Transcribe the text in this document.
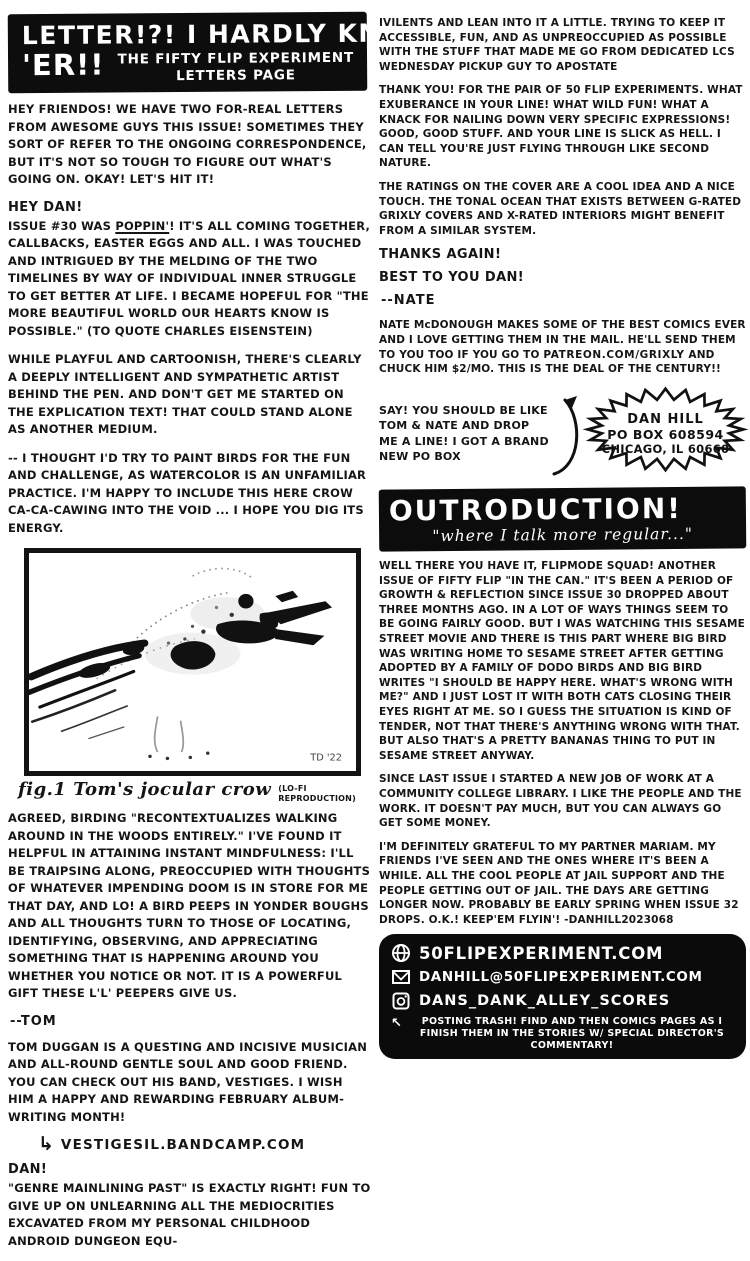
LETTER!?! I HARDLY KNEW
'ER!! THE FIFTY FLIP EXPERIMENT
LETTERS PAGE

HEY FRIENDOS! WE HAVE TWO FOR-REAL LETTERS FROM AWESOME GUYS THIS ISSUE! SOMETIMES THEY SORT OF REFER TO THE ONGOING CORRESPONDENCE, BUT IT'S NOT SO TOUGH TO FIGURE OUT WHAT'S GOING ON. OKAY! LET'S HIT IT!

HEY DAN!

ISSUE #30 WAS POPPIN'! IT'S ALL COMING TOGETHER, CALLBACKS, EASTER EGGS AND ALL. I WAS TOUCHED AND INTRIGUED BY THE MELDING OF THE TWO TIMELINES BY WAY OF INDIVIDUAL INNER STRUGGLE TO GET BETTER AT LIFE. I BECAME HOPEFUL FOR "THE MORE BEAUTIFUL WORLD OUR HEARTS KNOW IS POSSIBLE." (TO QUOTE CHARLES EISENSTEIN)

WHILE PLAYFUL AND CARTOONISH, THERE'S CLEARLY A DEEPLY INTELLIGENT AND SYMPATHETIC ARTIST BEHIND THE PEN. AND DON'T GET ME STARTED ON THE EXPLICATION TEXT! THAT COULD STAND ALONE AS ANOTHER MEDIUM.

-- I THOUGHT I'D TRY TO PAINT BIRDS FOR THE FUN AND CHALLENGE, AS WATERCOLOR IS AN UNFAMILIAR PRACTICE. I'M HAPPY TO INCLUDE THIS HERE CROW CA-CA-CAWING INTO THE VOID ... I HOPE YOU DIG ITS ENERGY.

TD '22
fig.1 Tom's jocular crow (LO-FI REPRODUCTION)

AGREED, BIRDING "RECONTEXTUALIZES WALKING AROUND IN THE WOODS ENTIRELY." I'VE FOUND IT HELPFUL IN ATTAINING INSTANT MINDFULNESS: I'LL BE TRAIPSING ALONG, PREOCCUPIED WITH THOUGHTS OF WHATEVER IMPENDING DOOM IS IN STORE FOR ME THAT DAY, AND LO! A BIRD PEEPS IN YONDER BOUGHS AND ALL THOUGHTS TURN TO THOSE OF LOCATING, IDENTIFYING, OBSERVING, AND APPRECIATING SOMETHING THAT IS HAPPENING AROUND YOU WHETHER YOU NOTICE OR NOT. IT IS A POWERFUL GIFT THESE L'L' PEEPERS GIVE US.

--TOM

TOM DUGGAN IS A QUESTING AND INCISIVE MUSICIAN AND ALL-ROUND GENTLE SOUL AND GOOD FRIEND. YOU CAN CHECK OUT HIS BAND, VESTIGES. I WISH HIM A HAPPY AND REWARDING FEBRUARY ALBUM-WRITING MONTH!

↳ VESTIGESIL.BANDCAMP.COM
DAN!

"GENRE MAINLINING PAST" IS EXACTLY RIGHT! FUN TO GIVE UP ON UNLEARNING ALL THE MEDIOCRITIES EXCAVATED FROM MY PERSONAL CHILDHOOD ANDROID DUNGEON EQU-

IVILENTS AND LEAN INTO IT A LITTLE. TRYING TO KEEP IT ACCESSIBLE, FUN, AND AS UNPREOCCUPIED AS POSSIBLE WITH THE STUFF THAT MADE ME GO FROM DEDICATED LCS WEDNESDAY PICKUP GUY TO APOSTATE

THANK YOU! FOR THE PAIR OF 50 FLIP EXPERIMENTS. WHAT EXUBERANCE IN YOUR LINE! WHAT WILD FUN! WHAT A KNACK FOR NAILING DOWN VERY SPECIFIC EXPRESSIONS! GOOD, GOOD STUFF. AND YOUR LINE IS SLICK AS HELL. I CAN TELL YOU'RE JUST FLYING THROUGH LIKE SECOND NATURE.

THE RATINGS ON THE COVER ARE A COOL IDEA AND A NICE TOUCH. THE TONAL OCEAN THAT EXISTS BETWEEN G-RATED GRIXLY COVERS AND X-RATED INTERIORS MIGHT BENEFIT FROM A SIMILAR SYSTEM.

THANKS AGAIN!
BEST TO YOU DAN!
--NATE

NATE McDONOUGH MAKES SOME OF THE BEST COMICS EVER AND I LOVE GETTING THEM IN THE MAIL. HE'LL SEND THEM TO YOU TOO IF YOU GO TO PATREON.COM/GRIXLY AND CHUCK HIM $2/MO. THIS IS THE DEAL OF THE CENTURY!!

SAY! YOU SHOULD BE LIKE TOM & NATE AND DROP ME A LINE! I GOT A BRAND NEW PO BOX
DAN HILL
PO BOX 608594
CHICAGO, IL 60660
OUTRODUCTION!
"where I talk more regular..."

WELL THERE YOU HAVE IT, FLIPMODE SQUAD! ANOTHER ISSUE OF FIFTY FLIP "IN THE CAN." IT'S BEEN A PERIOD OF GROWTH & REFLECTION SINCE ISSUE 30 DROPPED ABOUT THREE MONTHS AGO. IN A LOT OF WAYS THINGS SEEM TO BE GOING FAIRLY GOOD. BUT I WAS WATCHING THIS SESAME STREET MOVIE AND THERE IS THIS PART WHERE BIG BIRD WAS WRITING HOME TO SESAME STREET AFTER GETTING ADOPTED BY A FAMILY OF DODO BIRDS AND BIG BIRD WRITES "I SHOULD BE HAPPY HERE. WHAT'S WRONG WITH ME?" AND I JUST LOST IT WITH BOTH CATS CLOSING THEIR EYES RIGHT AT ME. SO I GUESS THE SITUATION IS KIND OF TENDER, NOT THAT THERE'S ANYTHING WRONG WITH THAT. BUT ALSO THAT'S A PRETTY BANANAS THING TO PUT IN SESAME STREET ANYWAY.

SINCE LAST ISSUE I STARTED A NEW JOB OF WORK AT A COMMUNITY COLLEGE LIBRARY. I LIKE THE PEOPLE AND THE WORK. IT DOESN'T PAY MUCH, BUT YOU CAN ALWAYS GO GET SOME MONEY.

I'M DEFINITELY GRATEFUL TO MY PARTNER MARIAM. MY FRIENDS I'VE SEEN AND THE ONES WHERE IT'S BEEN A WHILE. ALL THE COOL PEOPLE AT JAIL SUPPORT AND THE PEOPLE GETTING OUT OF JAIL. THE DAYS ARE GETTING LONGER NOW. PROBABLY BE EARLY SPRING WHEN ISSUE 32 DROPS. O.K.! KEEP'EM FLYIN'! -DANHILL2023068

50FLIPEXPERIMENT.COM
DANHILL@50FLIPEXPERIMENT.COM
DANS_DANK_ALLEY_SCORES
↖	POSTING TRASH! FIND AND THEN COMICS PAGES AS I FINISH THEM IN THE STORIES W/ SPECIAL DIRECTOR'S COMMENTARY!
